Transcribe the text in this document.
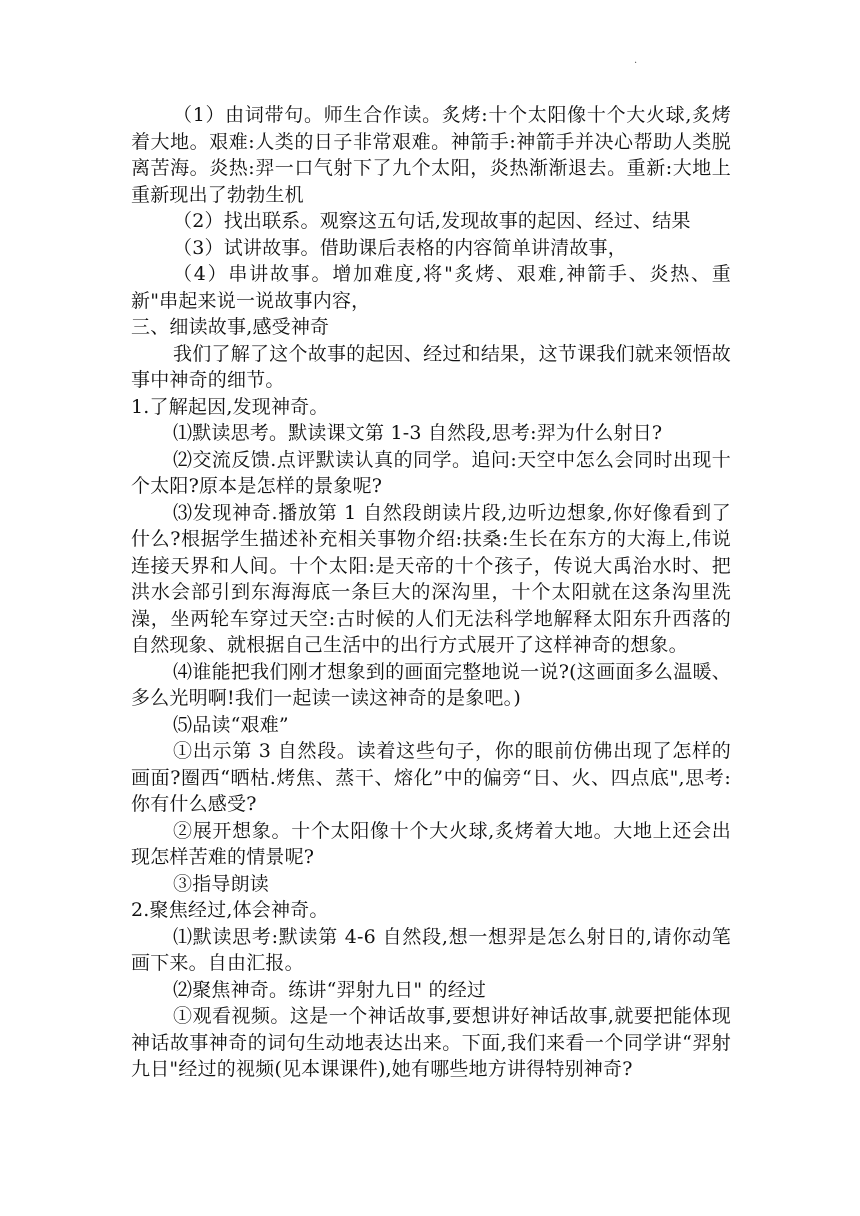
.

（1）由词带句。师生合作读。炙烤:十个太阳像十个大火球,炙烤着大地。艰难:人类的日子非常艰难。神箭手:神箭手并决心帮助人类脱离苦海。炎热:羿一口气射下了九个太阳，炎热渐渐退去。重新:大地上重新现出了勃勃生机

（2）找出联系。观察这五句话,发现故事的起因、经过、结果

（3）试讲故事。借助课后表格的内容简单讲清故事，

（4）串讲故事。增加难度,将"炙烤、艰难,神箭手、炎热、重新"串起来说一说故事内容，

三、细读故事,感受神奇

我们了解了这个故事的起因、经过和结果，这节课我们就来领悟故事中神奇的细节。

1.了解起因,发现神奇。

⑴默读思考。默读课文第 1-3 自然段,思考:羿为什么射日?

⑵交流反馈.点评默读认真的同学。追问:天空中怎么会同时出现十个太阳?原本是怎样的景象呢?

⑶发现神奇.播放第 1 自然段朗读片段,边听边想象,你好像看到了什么?根据学生描述补充相关事物介绍:扶桑:生长在东方的大海上,伟说连接天界和人间。十个太阳:是天帝的十个孩子，传说大禹治水时、把洪水会部引到东海海底一条巨大的深沟里，十个太阳就在这条沟里洗澡，坐两轮车穿过天空:古时候的人们无法科学地解释太阳东升西落的自然现象、就根据自己生活中的出行方式展开了这样神奇的想象。

⑷谁能把我们刚才想象到的画面完整地说一说?(这画面多么温暖、多么光明啊!我们一起读一读这神奇的是象吧。)

⑸品读“艰难”

①出示第 3 自然段。读着这些句子，你的眼前仿佛出现了怎样的画面?圈西“晒枯.烤焦、蒸干、熔化”中的偏旁“日、火、四点底",思考:你有什么感受?

②展开想象。十个太阳像十个大火球,炙烤着大地。大地上还会出现怎样苦难的情景呢?

③指导朗读

2.聚焦经过,体会神奇。

⑴默读思考:默读第 4-6 自然段,想一想羿是怎么射日的,请你动笔画下来。自由汇报。

⑵聚焦神奇。练讲“羿射九日" 的经过

①观看视频。这是一个神话故事,要想讲好神话故事,就要把能体现神话故事神奇的词句生动地表达出来。下面,我们来看一个同学讲“羿射九日"经过的视频(见本课课件),她有哪些地方讲得特别神奇?
